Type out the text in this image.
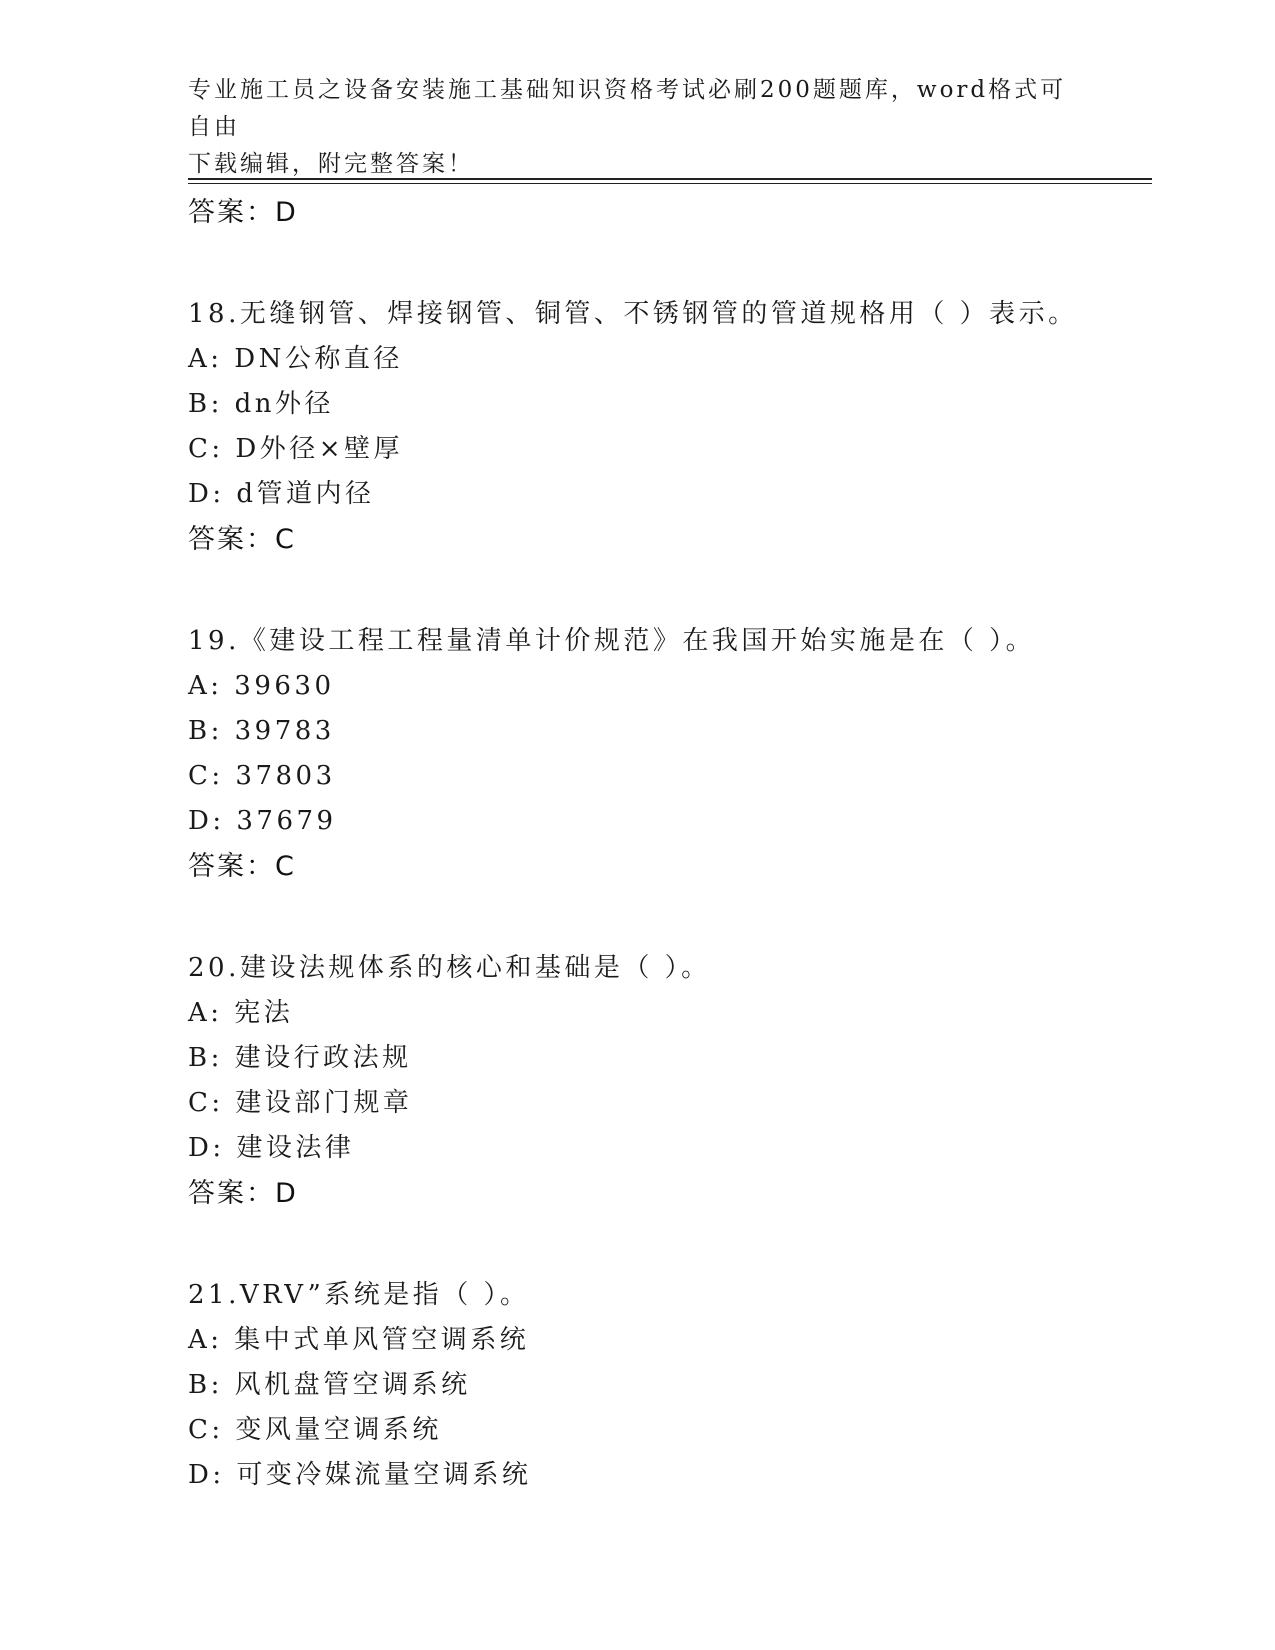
专业施工员之设备安装施工基础知识资格考试必刷200题题库，word格式可自由
下载编辑，附完整答案！
答案：D
18.无缝钢管、焊接钢管、铜管、不锈钢管的管道规格用（ ）表示。
A: DN公称直径
B: dn外径
C: D外径×壁厚
D: d管道内径
答案：C
19.《建设工程工程量清单计价规范》在我国开始实施是在（ ）。
A: 39630
B: 39783
C: 37803
D: 37679
答案：C
20.建设法规体系的核心和基础是（ ）。
A: 宪法
B: 建设行政法规
C: 建设部门规章
D: 建设法律
答案：D
21.VRV”系统是指（ ）。
A: 集中式单风管空调系统
B: 风机盘管空调系统
C: 变风量空调系统
D: 可变冷媒流量空调系统
